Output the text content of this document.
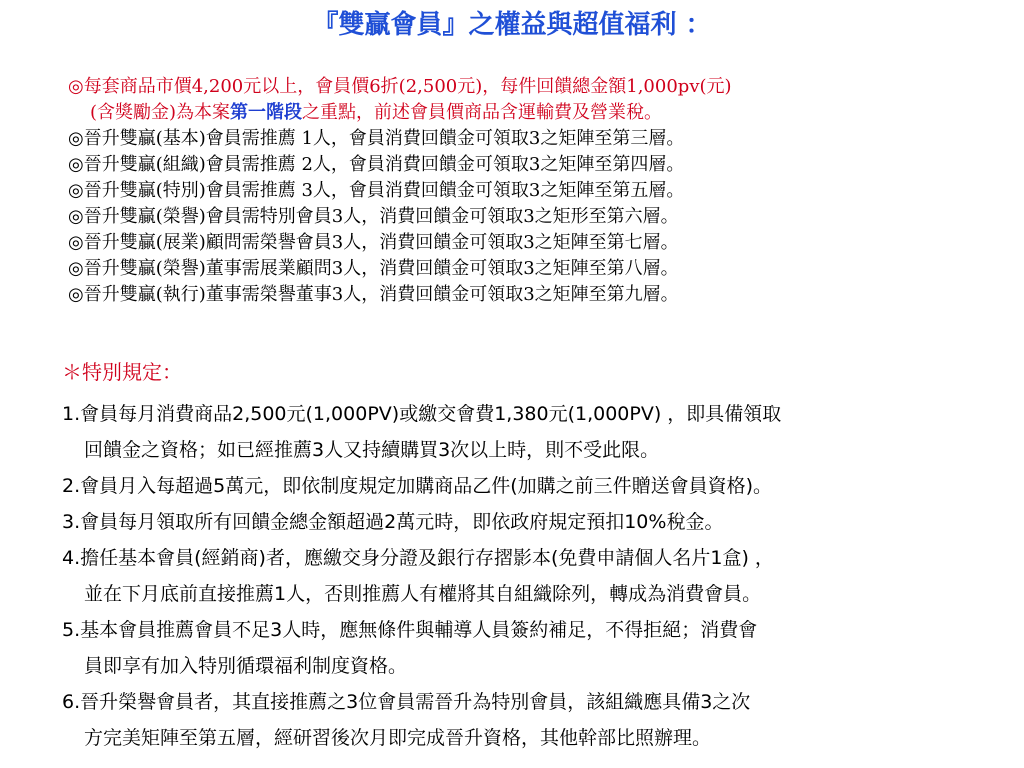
『雙贏會員』之權益與超值福利 ：
◎每套商品市價4,200元以上，會員價6折(2,500元)，每件回饋總金額1,000pv(元)
(含獎勵金)為本案第一階段之重點，前述會員價商品含運輸費及營業稅。
◎晉升雙贏(基本)會員需推薦 1人，會員消費回饋金可領取3之矩陣至第三層。
◎晉升雙贏(組織)會員需推薦 2人，會員消費回饋金可領取3之矩陣至第四層。
◎晉升雙贏(特別)會員需推薦 3人，會員消費回饋金可領取3之矩陣至第五層。
◎晉升雙贏(榮譽)會員需特別會員3人，消費回饋金可領取3之矩形至第六層。
◎晉升雙贏(展業)顧問需榮譽會員3人，消費回饋金可領取3之矩陣至第七層。
◎晉升雙贏(榮譽)董事需展業顧問3人，消費回饋金可領取3之矩陣至第八層。
◎晉升雙贏(執行)董事需榮譽董事3人，消費回饋金可領取3之矩陣至第九層。
＊特別規定：
1.會員每月消費商品2,500元(1,000PV)或繳交會費1,380元(1,000PV) ，即具備領取
回饋金之資格；如已經推薦3人又持續購買3次以上時，則不受此限。
2.會員月入每超過5萬元，即依制度規定加購商品乙件(加購之前三件贈送會員資格)。
3.會員每月領取所有回饋金總金額超過2萬元時，即依政府規定預扣10%稅金。
4.擔任基本會員(經銷商)者，應繳交身分證及銀行存摺影本(免費申請個人名片1盒) ，
並在下月底前直接推薦1人，否則推薦人有權將其自組織除列，轉成為消費會員。
5.基本會員推薦會員不足3人時，應無條件與輔導人員簽約補足，不得拒絕；消費會
員即享有加入特別循環福利制度資格。
6.晉升榮譽會員者，其直接推薦之3位會員需晉升為特別會員，該組織應具備3之次
方完美矩陣至第五層，經研習後次月即完成晉升資格，其他幹部比照辦理。
